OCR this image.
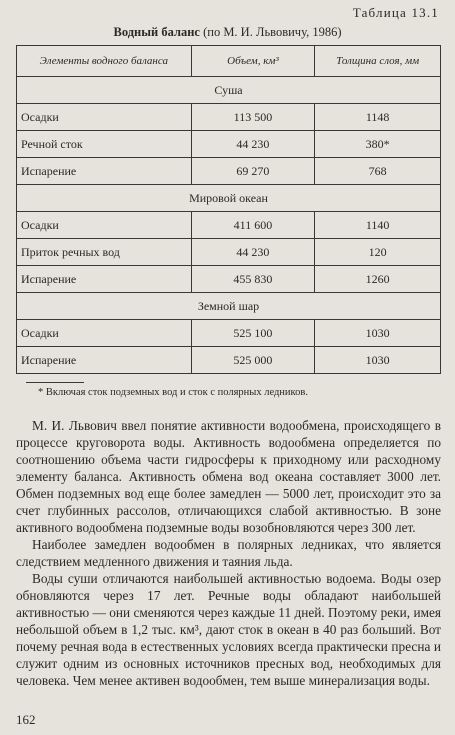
Таблица 13.1
Водный баланс (по М. И. Львовичу, 1986)
Элементы водного баланса	Объем, км³	Толщина слоя, мм
Суша		
Осадки	113 500	1148
Речной сток	44 230	380*
Испарение	69 270	768
Мировой океан		
Осадки	411 600	1140
Приток речных вод	44 230	120
Испарение	455 830	1260
Земной шар		
Осадки	525 100	1030
Испарение	525 000	1030
* Включая сток подземных вод и сток с полярных ледников.

М. И. Львович ввел понятие активности водообмена, происходящего в процессе круговорота воды. Активность водообмена определяется по соотношению объема части гидросферы к приходному или расходному элементу баланса. Активность обмена вод океана составляет 3000 лет. Обмен подземных вод еще более замедлен — 5000 лет, происходит это за счет глубинных рассолов, отличающихся слабой активностью. В зоне активного водообмена подземные воды возобновляются через 300 лет.

Наиболее замедлен водообмен в полярных ледниках, что является следствием медленного движения и таяния льда.

Воды суши отличаются наибольшей активностью водоема. Воды озер обновляются через 17 лет. Речные воды обладают наибольшей активностью — они сменяются через каждые 11 дней. Поэтому реки, имея небольшой объем в 1,2 тыс. км³, дают сток в океан в 40 раз больший. Вот почему речная вода в естественных условиях всегда практически пресна и служит одним из основных источников пресных вод, необходимых для человека. Чем менее активен водообмен, тем выше минерализация воды.

162
